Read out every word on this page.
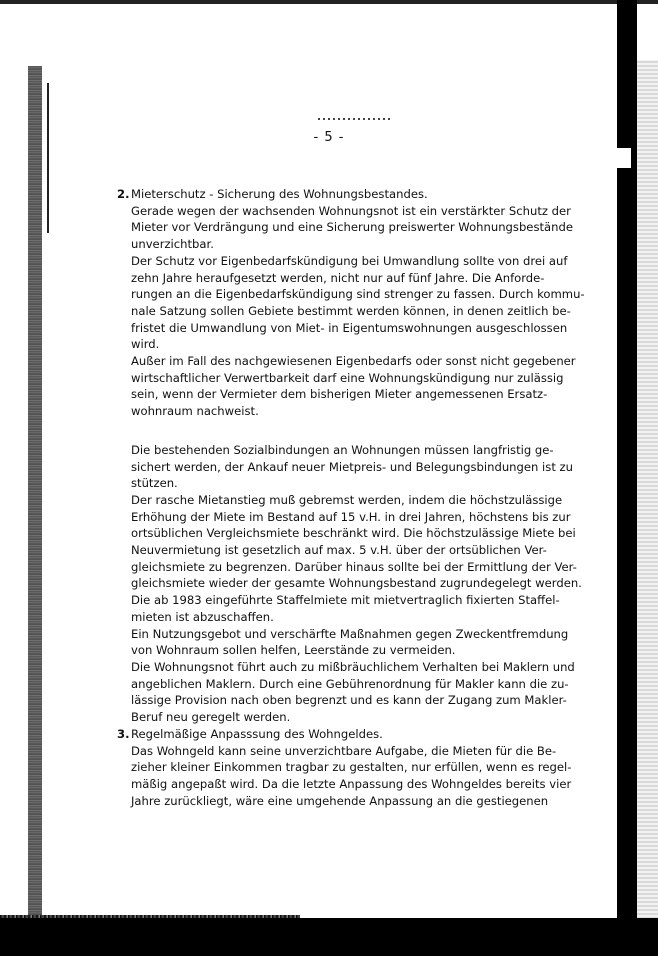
- 5 -
2. Mieterschutz - Sicherung des Wohnungsbestandes.

Gerade wegen der wachsenden Wohnungsnot ist ein verstärkter Schutz der
Mieter vor Verdrängung und eine Sicherung preiswerter Wohnungsbestände
unverzichtbar.

Der Schutz vor Eigenbedarfskündigung bei Umwandlung sollte von drei auf
zehn Jahre heraufgesetzt werden, nicht nur auf fünf Jahre. Die Anforde-
rungen an die Eigenbedarfskündigung sind strenger zu fassen. Durch kommu-
nale Satzung sollen Gebiete bestimmt werden können, in denen zeitlich be-
fristet die Umwandlung von Miet- in Eigentumswohnungen ausgeschlossen
wird.

Außer im Fall des nachgewiesenen Eigenbedarfs oder sonst nicht gegebener
wirtschaftlicher Verwertbarkeit darf eine Wohnungskündigung nur zulässig
sein, wenn der Vermieter dem bisherigen Mieter angemessenen Ersatz-
wohnraum nachweist.

Die bestehenden Sozialbindungen an Wohnungen müssen langfristig ge-
sichert werden, der Ankauf neuer Mietpreis- und Belegungsbindungen ist zu
stützen.

Der rasche Mietanstieg muß gebremst werden, indem die höchstzulässige
Erhöhung der Miete im Bestand auf 15 v.H. in drei Jahren, höchstens bis zur
ortsüblichen Vergleichsmiete beschränkt wird. Die höchstzulässige Miete bei
Neuvermietung ist gesetzlich auf max. 5 v.H. über der ortsüblichen Ver-
gleichsmiete zu begrenzen. Darüber hinaus sollte bei der Ermittlung der Ver-
gleichsmiete wieder der gesamte Wohnungsbestand zugrundegelegt werden.
Die ab 1983 eingeführte Staffelmiete mit mietvertraglich fixierten Staffel-
mieten ist abzuschaffen.

Ein Nutzungsgebot und verschärfte Maßnahmen gegen Zweckentfremdung
von Wohnraum sollen helfen, Leerstände zu vermeiden.

Die Wohnungsnot führt auch zu mißbräuchlichem Verhalten bei Maklern und
angeblichen Maklern. Durch eine Gebührenordnung für Makler kann die zu-
lässige Provision nach oben begrenzt und es kann der Zugang zum Makler-
Beruf neu geregelt werden.

3. Regelmäßige Anpasssung des Wohngeldes.

Das Wohngeld kann seine unverzichtbare Aufgabe, die Mieten für die Be-
zieher kleiner Einkommen tragbar zu gestalten, nur erfüllen, wenn es regel-
mäßig angepaßt wird. Da die letzte Anpassung des Wohngeldes bereits vier
Jahre zurückliegt, wäre eine umgehende Anpassung an die gestiegenen
